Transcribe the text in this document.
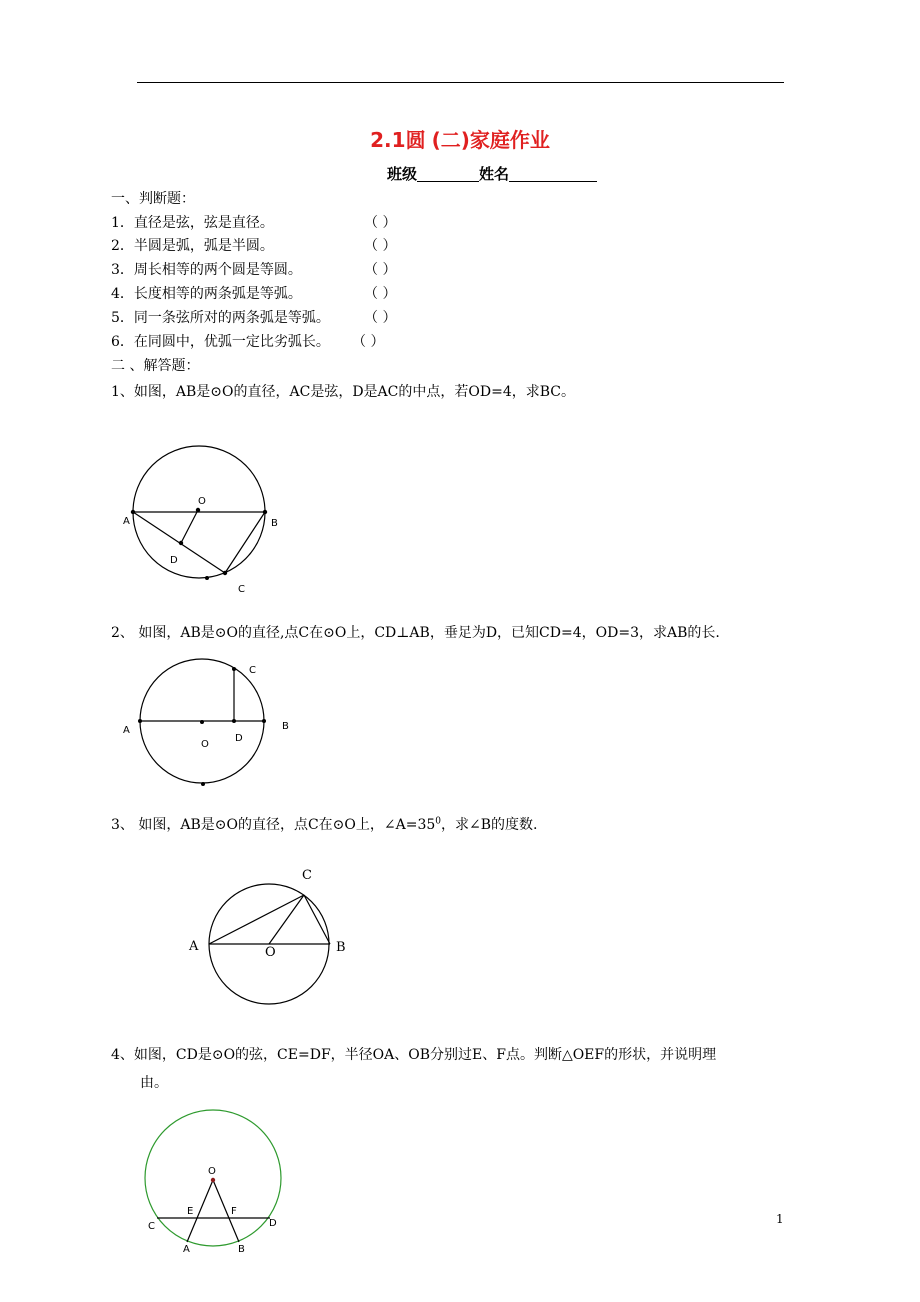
2.1圆 (二)家庭作业
班级	姓名
一、判断题：
1．直径是弦，弦是直径。	（ ）
2．半圆是弧，弧是半圆。	（ ）
3．周长相等的两个圆是等圆。	（ ）
4．长度相等的两条弧是等弧。	（ ）
5．同一条弦所对的两条弧是等弧。 （ ）
6．在同圆中，优弧一定比劣弧长。 （ ）
二 、解答题：
1、如图，AB是⊙O的直径，AC是弦，D是AC的中点，若OD=4，求BC。
O
A	B
D
C
2、 如图，AB是⊙O的直径,点C在⊙O上，CD⊥AB，垂足为D，已知CD=4，OD=3，求AB的长.
C
A	B
D
O
3、 如图，AB是⊙O的直径，点C在⊙O上，$\angle A=35^0$，求∠B的度数.
C
A	B
O
4、如图，CD是⊙O的弦，CE=DF，半径OA、OB分别过E、F点。判断△OEF的形状，并说明理
由。
O
E	F
C	D
A	B
1
